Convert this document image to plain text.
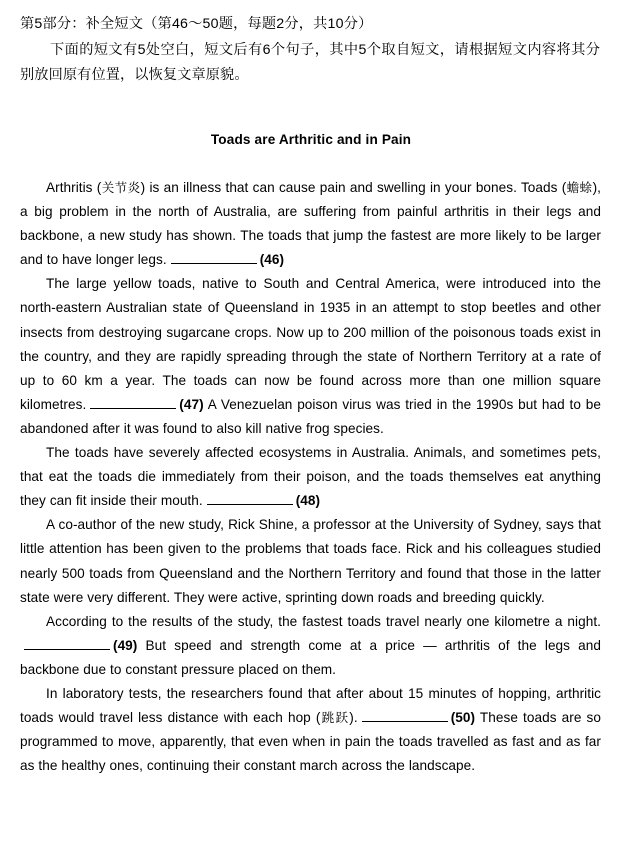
第5部分：补全短文（第46～50题，每题2分，共10分）
下面的短文有5处空白，短文后有6个句子，其中5个取自短文，请根据短文内容将其分别放回原有位置，以恢复文章原貌。
Toads are Arthritic and in Pain

Arthritis (关节炎) is an illness that can cause pain and swelling in your bones. Toads (蟾蜍), a big problem in the north of Australia, are suffering from painful arthritis in their legs and backbone, a new study has shown. The toads that jump the fastest are more likely to be larger and to have longer legs.	(46)

The large yellow toads, native to South and Central America, were introduced into the north-eastern Australian state of Queensland in 1935 in an attempt to stop beetles and other insects from destroying sugarcane crops. Now up to 200 million of the poisonous toads exist in the country, and they are rapidly spreading through the state of Northern Territory at a rate of up to 60 km a year. The toads can now be found across more than one million square kilometres.	(47) A Venezuelan poison virus was tried in the 1990s but had to be abandoned after it was found to also kill native frog species.

The toads have severely affected ecosystems in Australia. Animals, and sometimes pets, that eat the toads die immediately from their poison, and the toads themselves eat anything they can fit inside their mouth.	(48)

A co-author of the new study, Rick Shine, a professor at the University of Sydney, says that little attention has been given to the problems that toads face. Rick and his colleagues studied nearly 500 toads from Queensland and the Northern Territory and found that those in the latter state were very different. They were active, sprinting down roads and breeding quickly.

According to the results of the study, the fastest toads travel nearly one kilometre a night.(49) But speed and strength come at a price — arthritis of the legs and backbone due to constant pressure placed on them.

In laboratory tests, the researchers found that after about 15 minutes of hopping, arthritic toads would travel less distance with each hop (跳跃).	(50) These toads are so programmed to move, apparently, that even when in pain the toads travelled as fast and as far as the healthy ones, continuing their constant march across the landscape.
